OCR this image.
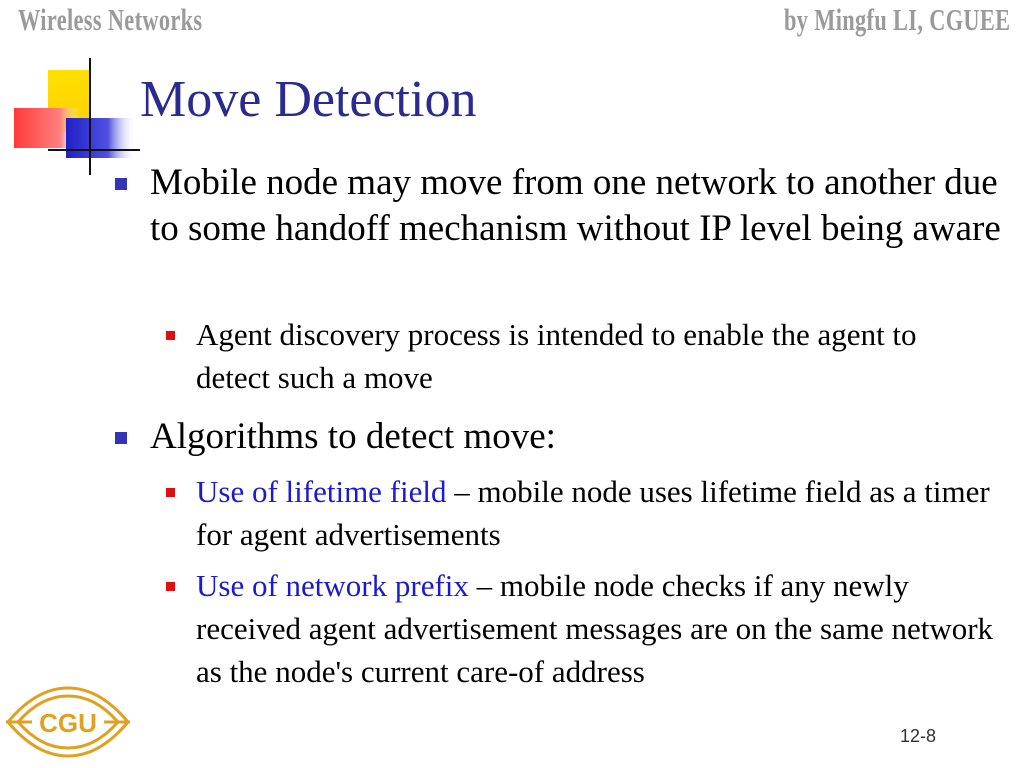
Wireless Networks	by Mingfu LI, CGUEE
Move Detection
Mobile node may move from one network to another due to some handoff mechanism without IP level being aware
Agent discovery process is intended to enable the agent to detect such a move
Algorithms to detect move:
Use of lifetime field – mobile node uses lifetime field as a timer for agent advertisements
Use of network prefix – mobile node checks if any newly received agent advertisement messages are on the same network as the node's current care-of address
CGU	12-8
